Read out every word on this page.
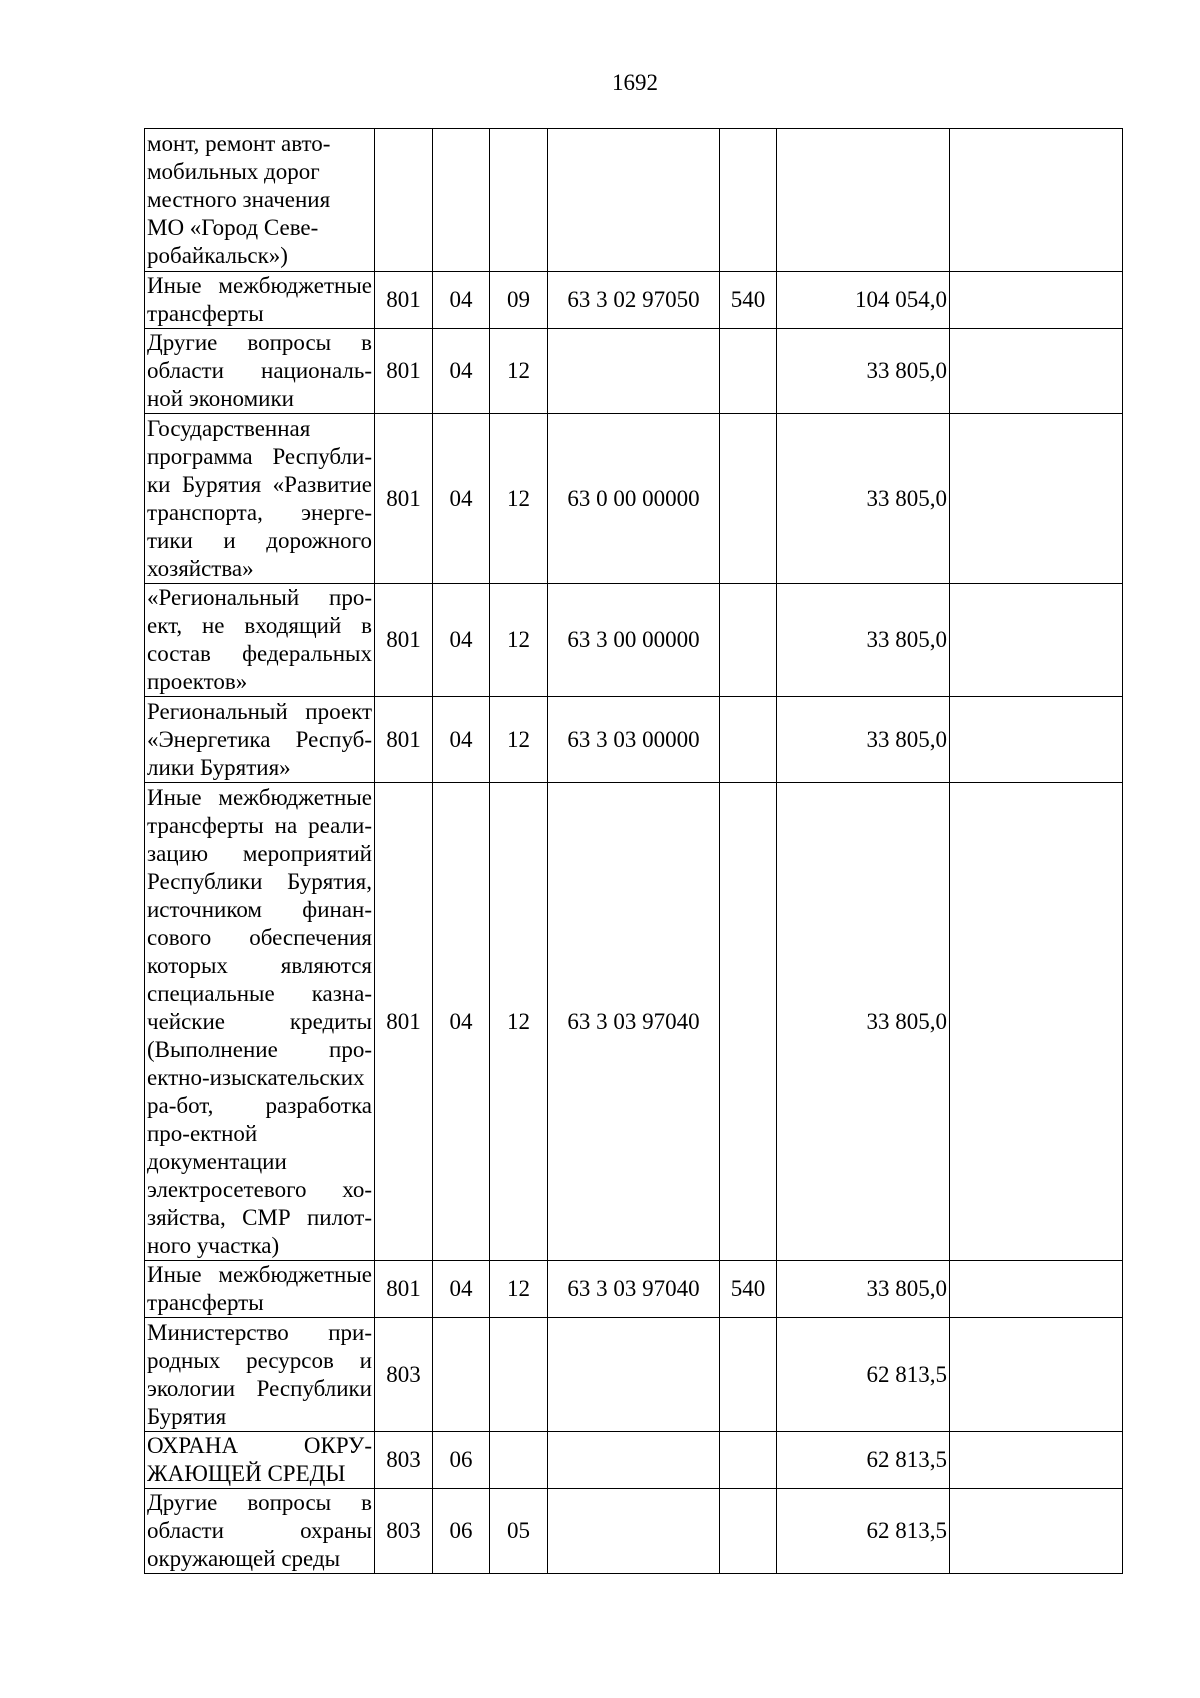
1692
монт, ремонт авто-
мобильных дорог
местного значения
МО «Город Севе-
робайкальск»)							
Иные межбюджетные трансферты	801	04	09	63 3 02 97050	540	104 054,0	
Другие вопросы в области националь-ной экономики	801	04	12			33 805,0	
Государственная программа Республи-ки Бурятия «Развитие транспорта, энерге-тики и дорожного хозяйства»	801	04	12	63 0 00 00000		33 805,0	
«Региональный про-ект, не входящий в состав федеральных проектов»	801	04	12	63 3 00 00000		33 805,0	
Региональный проект «Энергетика Респуб-лики Бурятия»	801	04	12	63 3 03 00000		33 805,0	
Иные межбюджетные трансферты на реали-зацию мероприятий Республики Бурятия, источником финан-сового обеспечения которых являются специальные казна-чейские кредиты (Выполнение про-ектно-изыскательских ра-бот, разработка про-ектной документации электросетевого хо-зяйства, СМР пилот-ного участка)	801	04	12	63 3 03 97040		33 805,0	
Иные межбюджетные трансферты	801	04	12	63 3 03 97040	540	33 805,0	
Министерство при-родных ресурсов и экологии Республики Бурятия	803					62 813,5	
ОХРАНА ОКРУ-ЖАЮЩЕЙ СРЕДЫ	803	06				62 813,5	
Другие вопросы в области охраны окружающей среды	803	06	05			62 813,5	
